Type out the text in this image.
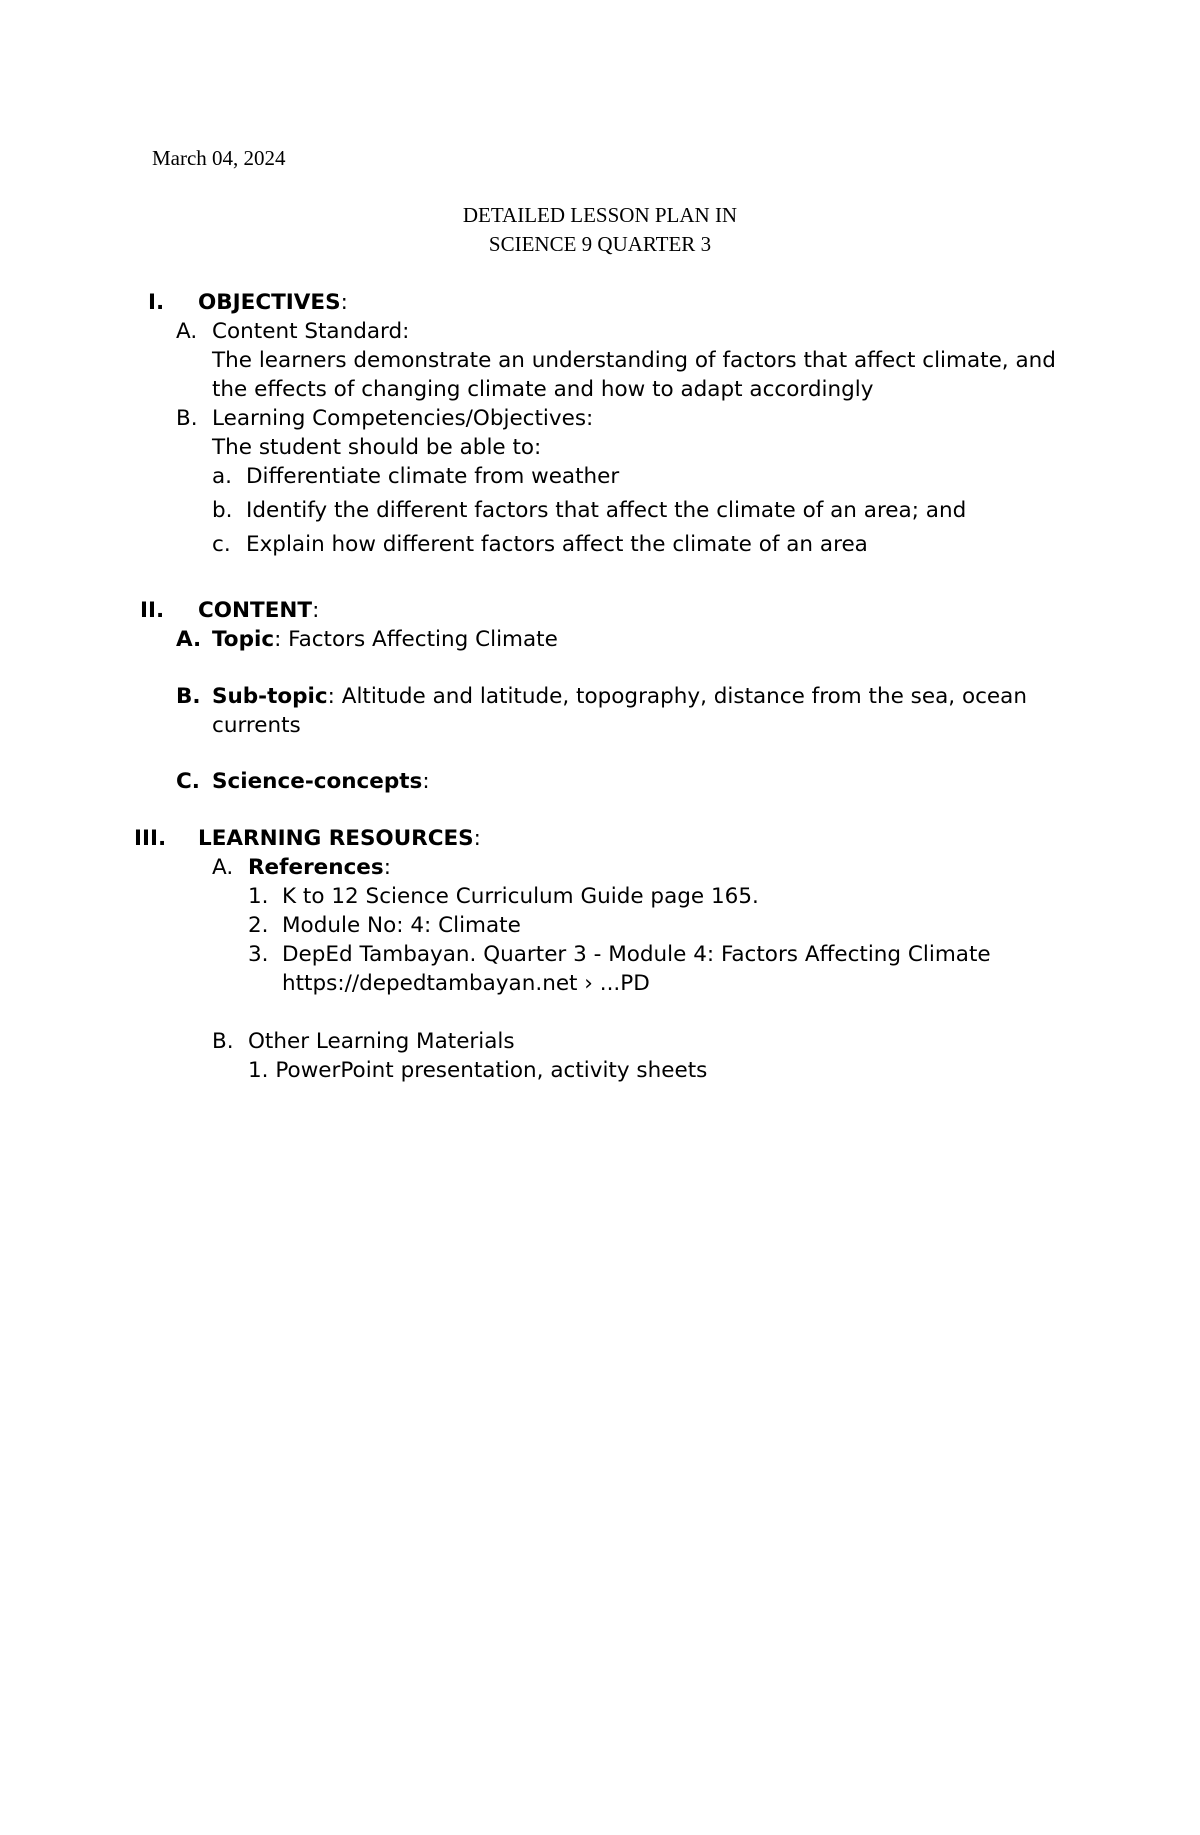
March 04, 2024
DETAILED LESSON PLAN IN
SCIENCE 9 QUARTER 3
I. OBJECTIVES:
A. Content Standard:
The learners demonstrate an understanding of factors that affect climate, and
the effects of changing climate and how to adapt accordingly
B. Learning Competencies/Objectives:
The student should be able to:
a. Differentiate climate from weather
b. Identify the different factors that affect the climate of an area; and
c. Explain how different factors affect the climate of an area
II. CONTENT:
A. Topic: Factors Affecting Climate
B. Sub-topic: Altitude and latitude, topography, distance from the sea, ocean
currents
C. Science-concepts:
III. LEARNING RESOURCES:
A. References:
1. K to 12 Science Curriculum Guide page 165.
2. Module No: 4: Climate
3. DepEd Tambayan. Quarter 3 - Module 4: Factors Affecting Climate
https://depedtambayan.net › ...PD
B. Other Learning Materials
1. PowerPoint presentation, activity sheets
